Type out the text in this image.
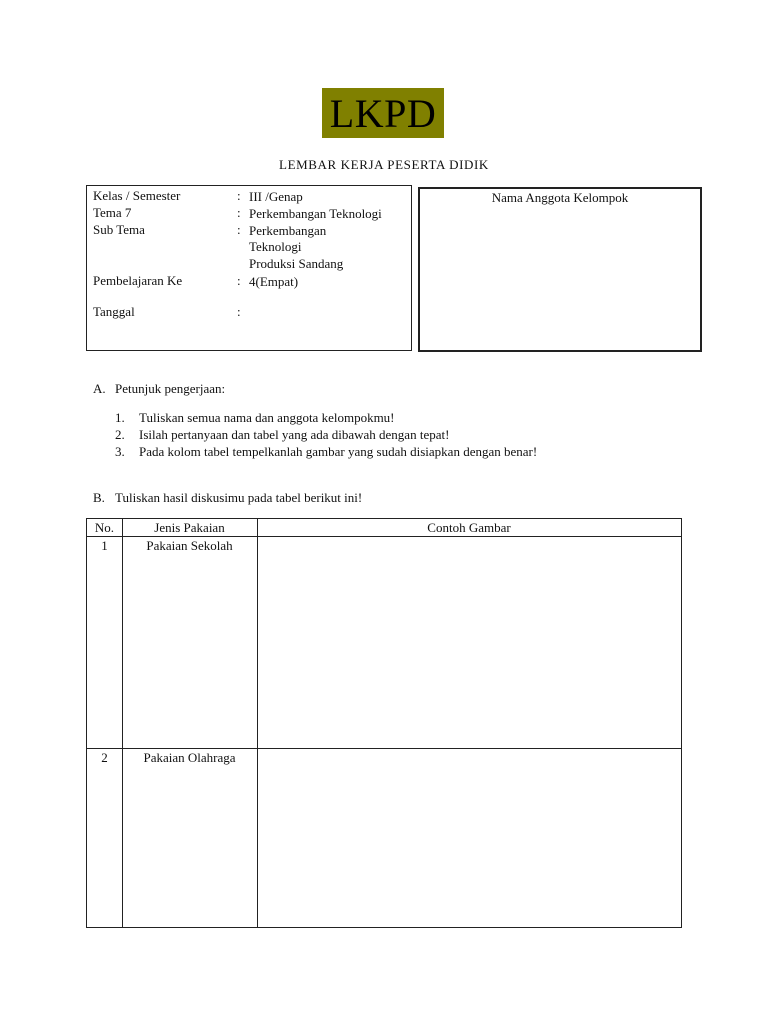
LKPD
LEMBAR KERJA PESERTA DIDIK
Kelas / Semester	: III /Genap
Tema 7	: Perkembangan Teknologi
Sub Tema	: Perkembangan
Teknologi
Produksi Sandang
Pembelajaran Ke	: 4(Empat)
Tanggal	:
Nama Anggota Kelompok
A. Petunjuk pengerjaan:
1. Tuliskan semua nama dan anggota kelompokmu!
2. Isilah pertanyaan dan tabel yang ada dibawah dengan tepat!
3. Pada kolom tabel tempelkanlah gambar yang sudah disiapkan dengan benar!
B. Tuliskan hasil diskusimu pada tabel berikut ini!
No.	Jenis Pakaian	Contoh Gambar
1	Pakaian Sekolah
2	Pakaian Olahraga
